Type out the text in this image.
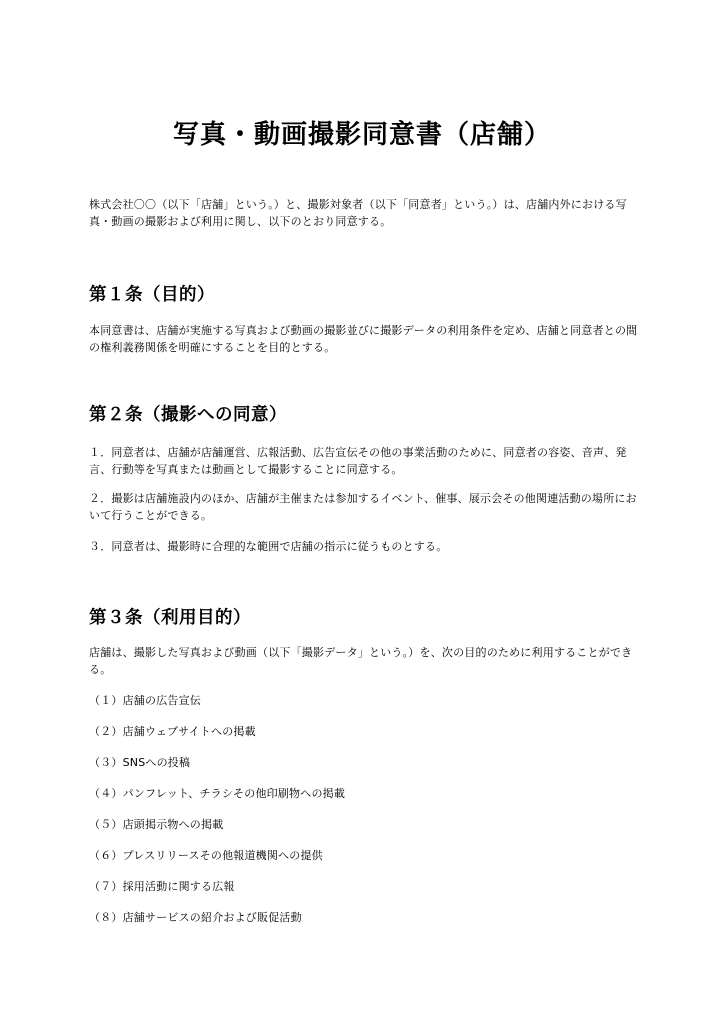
写真・動画撮影同意書（店舗）
株式会社〇〇（以下「店舗」という。）と、撮影対象者（以下「同意者」という。）は、店舗内外における写真・動画の撮影および利用に関し、以下のとおり同意する。
第１条（目的）
本同意書は、店舗が実施する写真および動画の撮影並びに撮影データの利用条件を定め、店舗と同意者との間の権利義務関係を明確にすることを目的とする。
第２条（撮影への同意）
１．同意者は、店舗が店舗運営、広報活動、広告宣伝その他の事業活動のために、同意者の容姿、音声、発言、行動等を写真または動画として撮影することに同意する。
２．撮影は店舗施設内のほか、店舗が主催または参加するイベント、催事、展示会その他関連活動の場所において行うことができる。
３．同意者は、撮影時に合理的な範囲で店舗の指示に従うものとする。
第３条（利用目的）
店舗は、撮影した写真および動画（以下「撮影データ」という。）を、次の目的のために利用することができる。
（１）店舗の広告宣伝
（２）店舗ウェブサイトへの掲載
（３）SNSへの投稿
（４）パンフレット、チラシその他印刷物への掲載
（５）店頭掲示物への掲載
（６）プレスリリースその他報道機関への提供
（７）採用活動に関する広報
（８）店舗サービスの紹介および販促活動
